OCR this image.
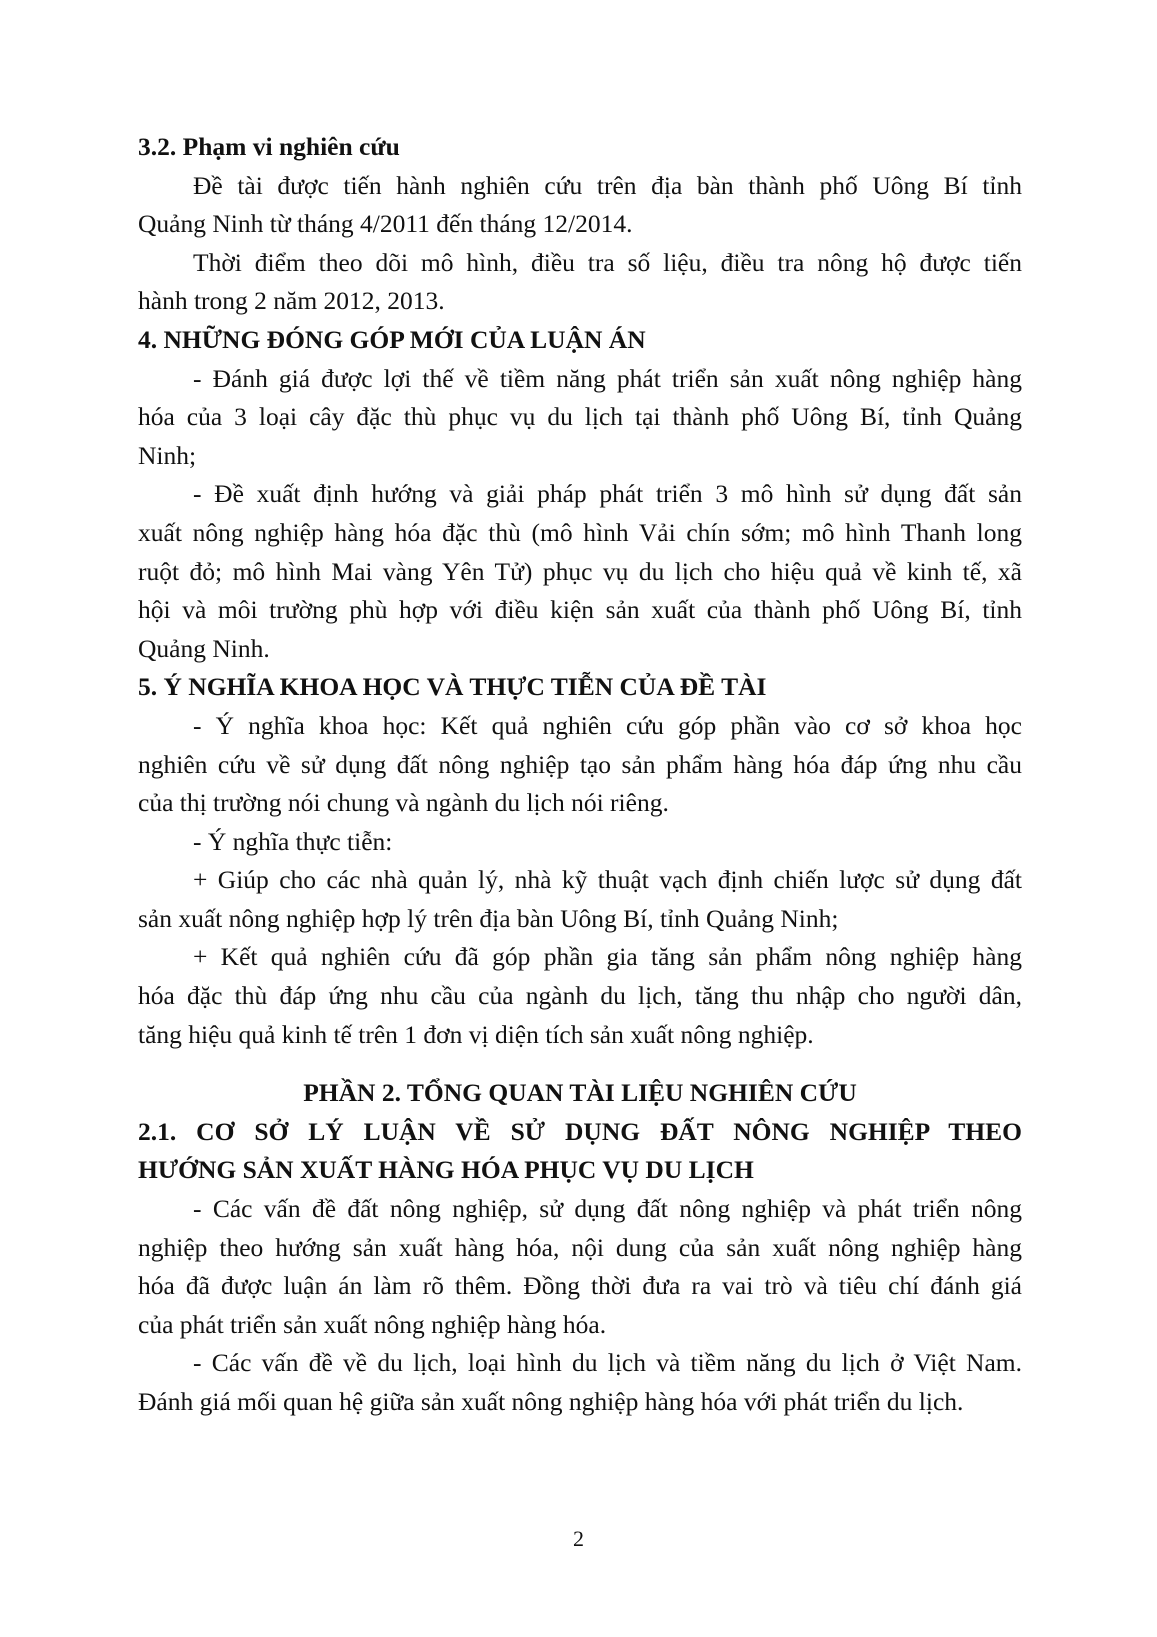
3.2. Phạm vi nghiên cứu

Đề tài được tiến hành nghiên cứu trên địa bàn thành phố Uông Bí tỉnh

Quảng Ninh từ tháng 4/2011 đến tháng 12/2014.

Thời điểm theo dõi mô hình, điều tra số liệu, điều tra nông hộ được tiến

hành trong 2 năm 2012, 2013.

4. NHỮNG ĐÓNG GÓP MỚI CỦA LUẬN ÁN

- Đánh giá được lợi thế về tiềm năng phát triển sản xuất nông nghiệp hàng

hóa của 3 loại cây đặc thù phục vụ du lịch tại thành phố Uông Bí, tỉnh Quảng

Ninh;

- Đề xuất định hướng và giải pháp phát triển 3 mô hình sử dụng đất sản

xuất nông nghiệp hàng hóa đặc thù (mô hình Vải chín sớm; mô hình Thanh long

ruột đỏ; mô hình Mai vàng Yên Tử) phục vụ du lịch cho hiệu quả về kinh tế, xã

hội và môi trường phù hợp với điều kiện sản xuất của thành phố Uông Bí, tỉnh

Quảng Ninh.

5. Ý NGHĨA KHOA HỌC VÀ THỰC TIỄN CỦA ĐỀ TÀI

- Ý nghĩa khoa học: Kết quả nghiên cứu góp phần vào cơ sở khoa học

nghiên cứu về sử dụng đất nông nghiệp tạo sản phẩm hàng hóa đáp ứng nhu cầu

của thị trường nói chung và ngành du lịch nói riêng.

- Ý nghĩa thực tiễn:

+ Giúp cho các nhà quản lý, nhà kỹ thuật vạch định chiến lược sử dụng đất

sản xuất nông nghiệp hợp lý trên địa bàn Uông Bí, tỉnh Quảng Ninh;

+ Kết quả nghiên cứu đã góp phần gia tăng sản phẩm nông nghiệp hàng

hóa đặc thù đáp ứng nhu cầu của ngành du lịch, tăng thu nhập cho người dân,

tăng hiệu quả kinh tế trên 1 đơn vị diện tích sản xuất nông nghiệp.

PHẦN 2. TỔNG QUAN TÀI LIỆU NGHIÊN CỨU

2.1. CƠ SỞ LÝ LUẬN VỀ SỬ DỤNG ĐẤT NÔNG NGHIỆP THEO

HƯỚNG SẢN XUẤT HÀNG HÓA PHỤC VỤ DU LỊCH

- Các vấn đề đất nông nghiệp, sử dụng đất nông nghiệp và phát triển nông

nghiệp theo hướng sản xuất hàng hóa, nội dung của sản xuất nông nghiệp hàng

hóa đã được luận án làm rõ thêm. Đồng thời đưa ra vai trò và tiêu chí đánh giá

của phát triển sản xuất nông nghiệp hàng hóa.

- Các vấn đề về du lịch, loại hình du lịch và tiềm năng du lịch ở Việt Nam.

Đánh giá mối quan hệ giữa sản xuất nông nghiệp hàng hóa với phát triển du lịch.

2
